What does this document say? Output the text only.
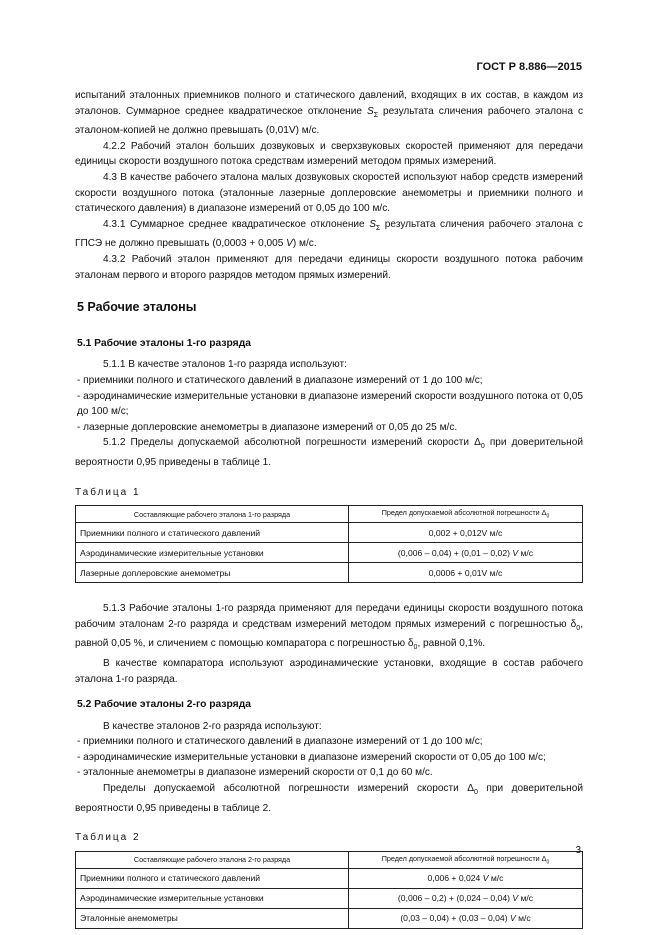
ГОСТ Р 8.886—2015

испытаний эталонных приемников полного и статического давлений, входящих в их состав, в каждом из эталонов. Суммарное среднее квадратическое отклонение $S_\Sigma$ результата сличения рабочего эталона с эталоном-копией не должно превышать (0,01V) м/с.

4.2.2 Рабочий эталон больших дозвуковых и сверхзвуковых скоростей применяют для передачи единицы скорости воздушного потока средствам измерений методом прямых измерений.

4.3 В качестве рабочего эталона малых дозвуковых скоростей используют набор средств измерений скорости воздушного потока (эталонные лазерные доплеровские анемометры и приемники полного и статического давления) в диапазоне измерений от 0,05 до 100 м/с.

4.3.1 Суммарное среднее квадратическое отклонение $S_\Sigma$ результата сличения рабочего эталона с ГПСЭ не должно превышать (0,0003 + 0,005 V) м/с.

4.3.2 Рабочий эталон применяют для передачи единицы скорости воздушного потока рабочим эталонам первого и второго разрядов методом прямых измерений.

5 Рабочие эталоны

5.1 Рабочие эталоны 1-го разряда

5.1.1 В качестве эталонов 1-го разряда используют:

- приемники полного и статического давлений в диапазоне измерений от 1 до 100 м/с;

- аэродинамические измерительные установки в диапазоне измерений скорости воздушного потока от 0,05 до 100 м/с;

- лазерные доплеровские анемометры в диапазоне измерений от 0,05 до 25 м/с.

5.1.2 Пределы допускаемой абсолютной погрешности измерений скорости $\Delta_0$ при доверительной вероятности 0,95 приведены в таблице 1.

Таблица 1

Составляющие рабочего эталона 1-го разряда	Предел допускаемой абсолютной погрешности $\Delta_0$
Приемники полного и статического давлений	0,002 + 0,012V м/с
Аэродинамические измерительные установки	(0,006 – 0,04) + (0,01 – 0,02) V м/с
Лазерные доплеровские анемометры	0,0006 + 0,01V м/с

5.1.3 Рабочие эталоны 1-го разряда применяют для передачи единицы скорости воздушного потока рабочим эталонам 2-го разряда и средствам измерений методом прямых измерений с погрешностью $\delta_0$, равной 0,05 %, и сличением с помощью компаратора с погрешностью $\delta_0$, равной 0,1%.

В качестве компаратора используют аэродинамические установки, входящие в состав рабочего эталона 1-го разряда.

5.2 Рабочие эталоны 2-го разряда

В качестве эталонов 2-го разряда используют:

- приемники полного и статического давлений в диапазоне измерений от 1 до 100 м/с;

- аэродинамические измерительные установки в диапазоне измерений скорости от 0,05 до 100 м/с;

- эталонные анемометры в диапазоне измерений скорости от 0,1 до 60 м/с.

Пределы допускаемой абсолютной погрешности измерений скорости $\Delta_0$ при доверительной вероятности 0,95 приведены в таблице 2.

Таблица 2

Составляющие рабочего эталона 2-го разряда	Предел допускаемой абсолютной погрешности $\Delta_0$
Приемники полного и статического давлений	0,006 + 0,024 V м/с
Аэродинамические измерительные установки	(0,006 – 0,2) + (0,024 – 0,04) V м/с
Эталонные анемометры	(0,03 – 0,04) + (0,03 – 0,04) V м/с
3
